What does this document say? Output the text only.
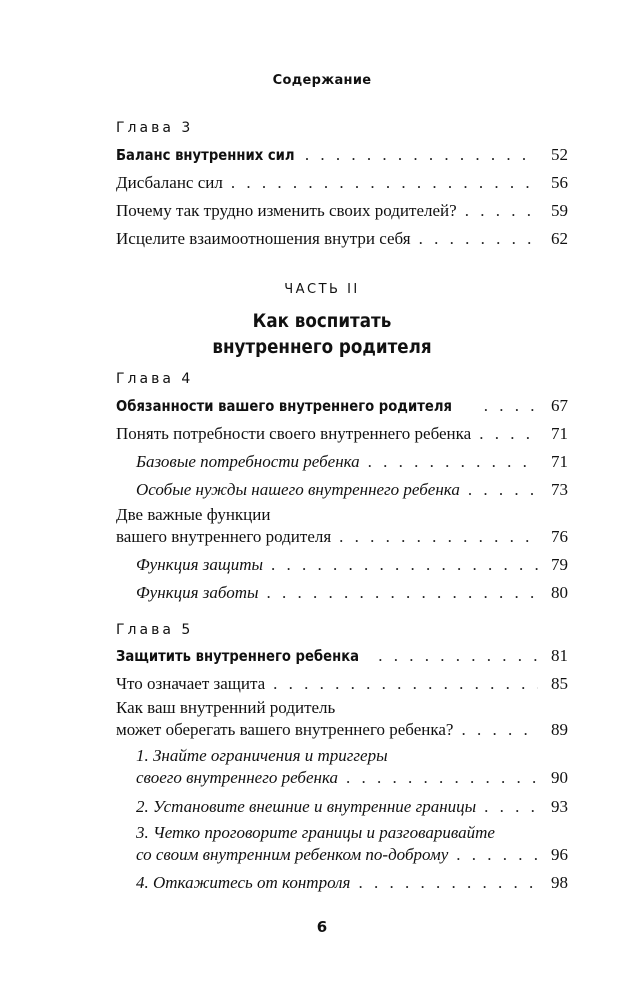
Содержание
Глава 3
Баланс внутренних сил . . .	52
Дисбаланс сил . . .	56
Почему так трудно изменить своих родителей? . . .	59
Исцелите взаимоотношения внутри себя . . .	62
ЧАСТЬ II
Как воспитать
внутреннего родителя
Глава 4
Обязанности вашего внутреннего родителя . . .	67
Понять потребности своего внутреннего ребенка . . .	71
Базовые потребности ребенка . . .	71
Особые нужды нашего внутреннего ребенка . . .	73
Две важные функции
вашего внутреннего родителя . . .	76
Функция защиты . . .	79
Функция заботы . . .	80
Глава 5
Защитить внутреннего ребенка . . .	81
Что означает защита . . .	85
Как ваш внутренний родитель
может оберегать вашего внутреннего ребенка? . . .	89
1. Знайте ограничения и триггеры
своего внутреннего ребенка . . .	90
2. Установите внешние и внутренние границы . . .	93
3. Четко проговорите границы и разговаривайте
со своим внутренним ребенком по-доброму . . .	96
4. Откажитесь от контроля . . .	98
6
